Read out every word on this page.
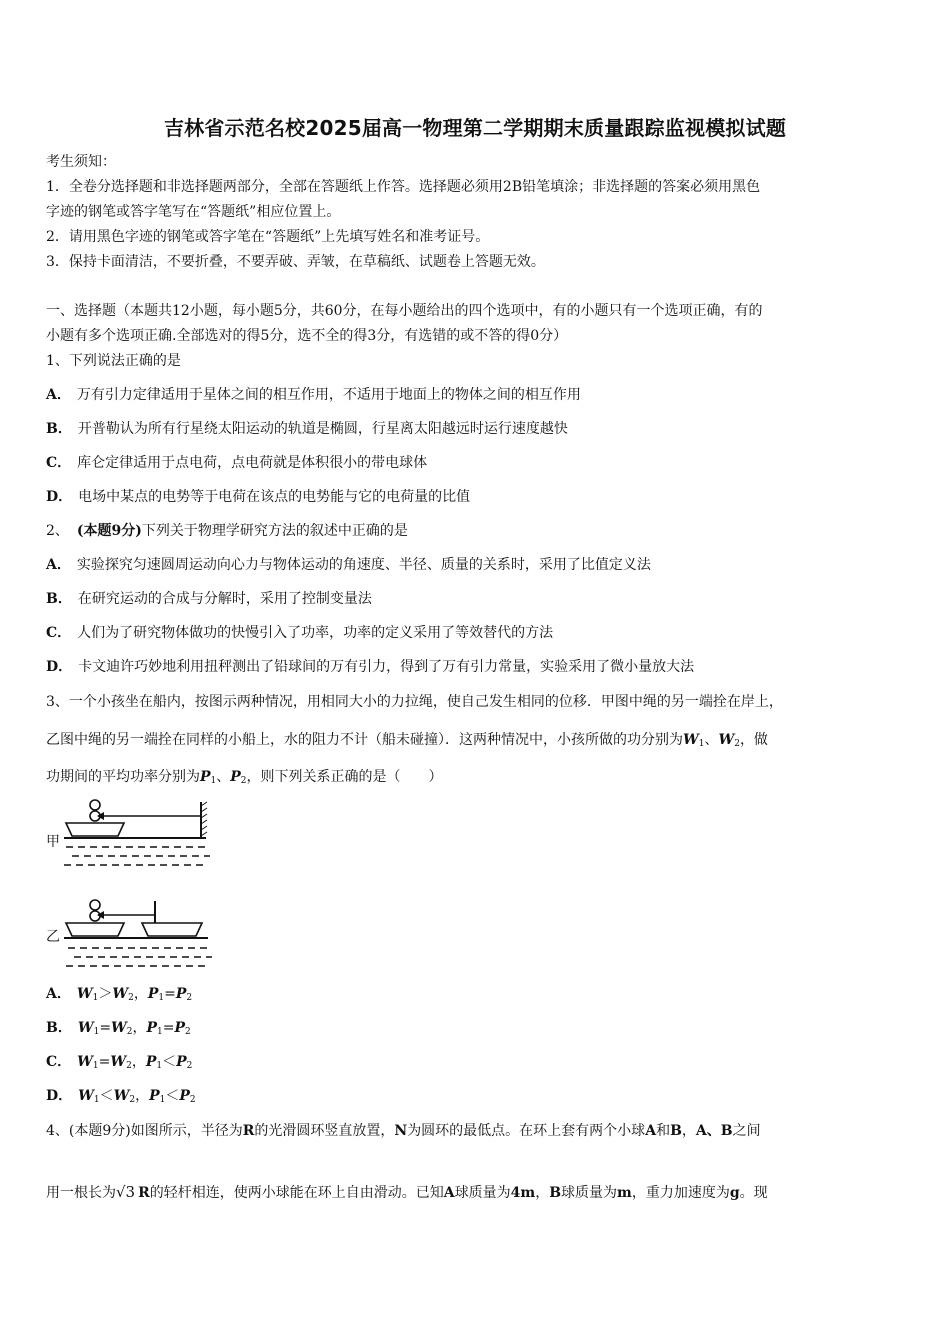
吉林省示范名校2025届高一物理第二学期期末质量跟踪监视模拟试题
考生须知：
1．全卷分选择题和非选择题两部分，全部在答题纸上作答。选择题必须用2B铅笔填涂；非选择题的答案必须用黑色
字迹的钢笔或答字笔写在“答题纸”相应位置上。
2．请用黑色字迹的钢笔或答字笔在“答题纸”上先填写姓名和准考证号。
3．保持卡面清洁，不要折叠，不要弄破、弄皱，在草稿纸、试题卷上答题无效。
一、选择题（本题共12小题，每小题5分，共60分，在每小题给出的四个选项中，有的小题只有一个选项正确，有的
小题有多个选项正确.全部选对的得5分，选不全的得3分，有选错的或不答的得0分）
1、下列说法正确的是
A． 万有引力定律适用于星体之间的相互作用，不适用于地面上的物体之间的相互作用
B． 开普勒认为所有行星绕太阳运动的轨道是椭圆，行星离太阳越远时运行速度越快
C． 库仑定律适用于点电荷，点电荷就是体积很小的带电球体
D． 电场中某点的电势等于电荷在该点的电势能与它的电荷量的比值
2、 (本题9分)下列关于物理学研究方法的叙述中正确的是
A． 实验探究匀速圆周运动向心力与物体运动的角速度、半径、质量的关系时，采用了比值定义法
B． 在研究运动的合成与分解时，采用了控制变量法
C． 人们为了研究物体做功的快慢引入了功率，功率的定义采用了等效替代的方法
D． 卡文迪许巧妙地利用扭秤测出了铅球间的万有引力，得到了万有引力常量，实验采用了微小量放大法
3、一个小孩坐在船内，按图示两种情况，用相同大小的力拉绳，使自己发生相同的位移．甲图中绳的另一端拴在岸上，
乙图中绳的另一端拴在同样的小船上，水的阻力不计（船未碰撞）．这两种情况中，小孩所做的功分别为$W_1$、$W_2$，做
功期间的平均功率分别为$P_1$、$P_2$，则下列关系正确的是（　　）
甲
乙
A． $W_1>W_2$，$P_1=P_2$
B． $W_1=W_2$，$P_1=P_2$
C． $W_1=W_2$，$P_1<P_2$
D． $W_1<W_2$，$P_1<P_2$
4、(本题9分)如图所示，半径为R的光滑圆环竖直放置，N为圆环的最低点。在环上套有两个小球A和B，A、B之间
用一根长为√3 R的轻杆相连，使两小球能在环上自由滑动。已知A球质量为4m，B球质量为m，重力加速度为g。现
